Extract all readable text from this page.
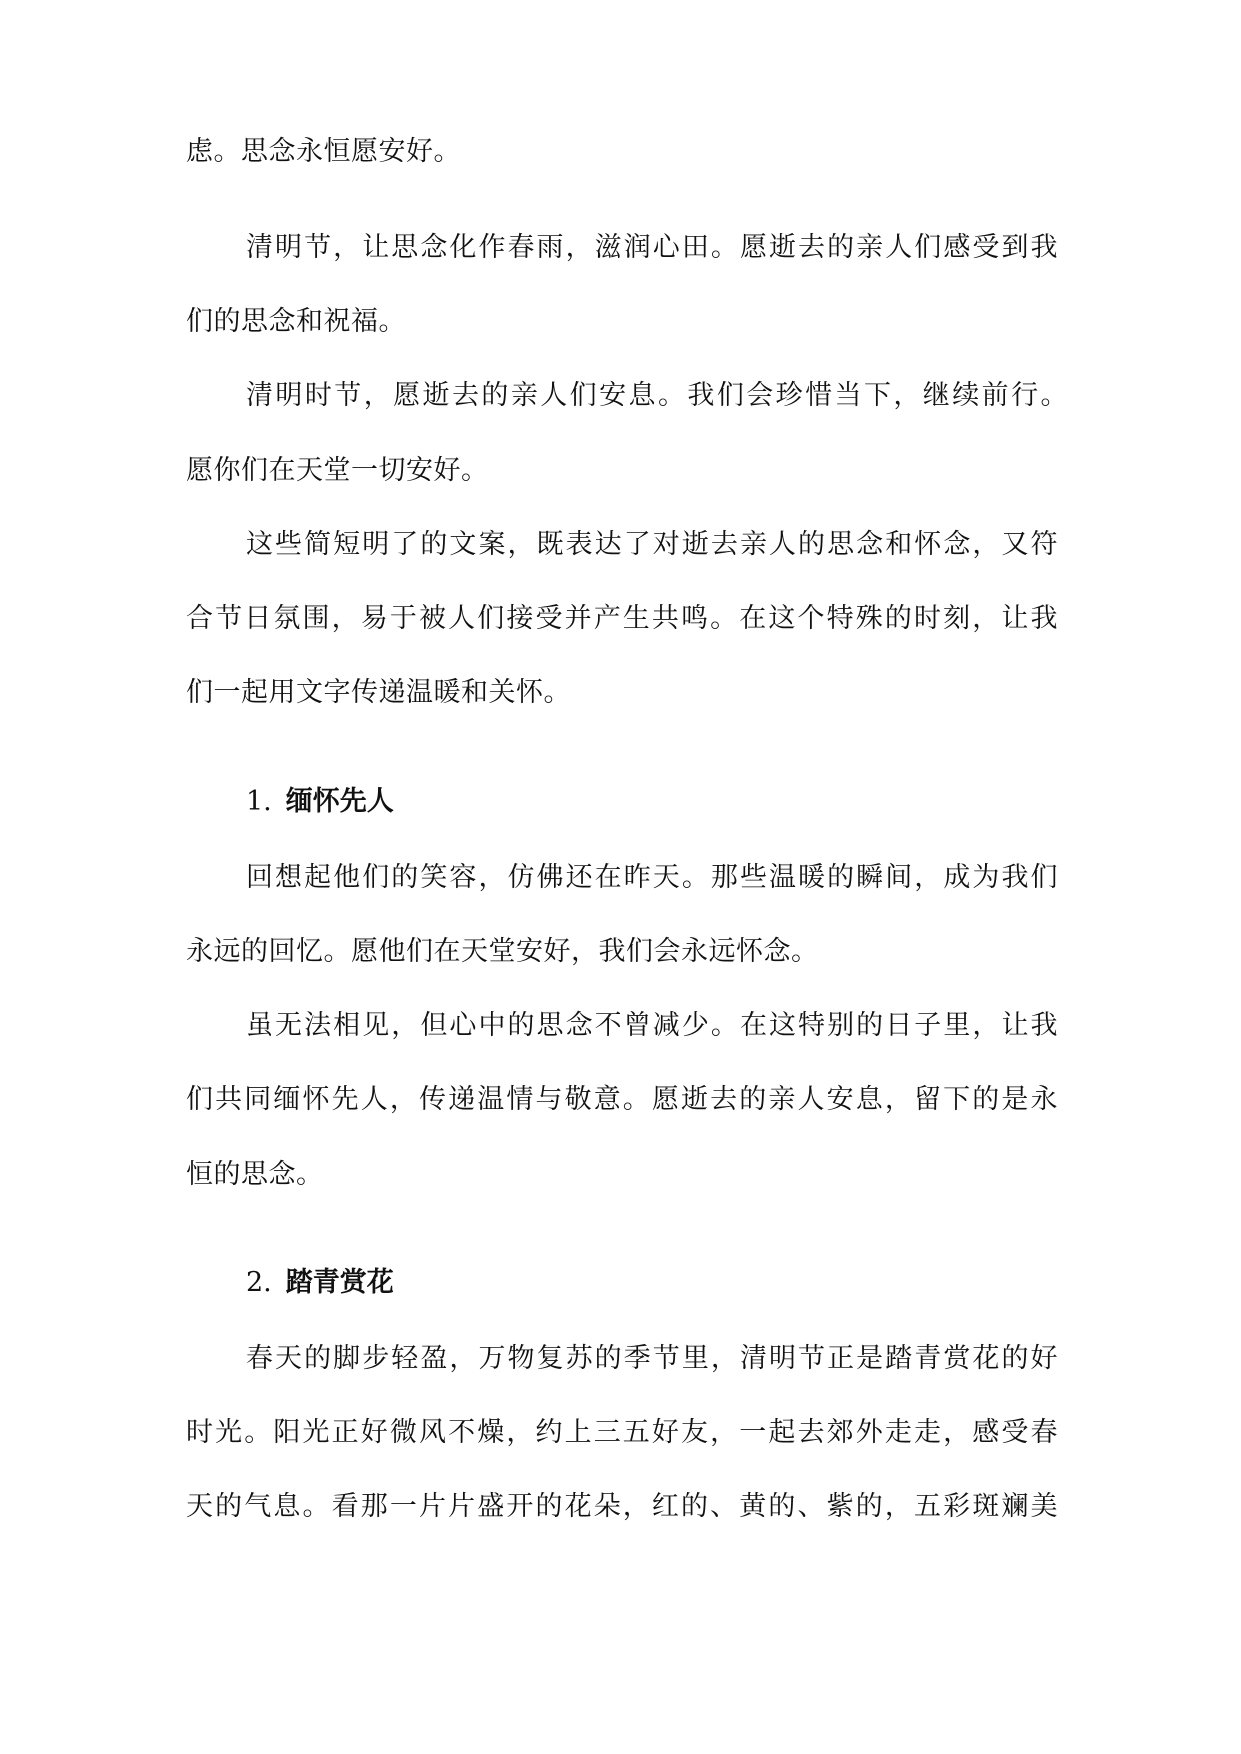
虑。思念永恒愿安好。
清明节，让思念化作春雨，滋润心田。愿逝去的亲人们感受到我
们的思念和祝福。
清明时节，愿逝去的亲人们安息。我们会珍惜当下，继续前行。
愿你们在天堂一切安好。
这些简短明了的文案，既表达了对逝去亲人的思念和怀念，又符
合节日氛围，易于被人们接受并产生共鸣。在这个特殊的时刻，让我
们一起用文字传递温暖和关怀。
1. 缅怀先人
回想起他们的笑容，仿佛还在昨天。那些温暖的瞬间，成为我们
永远的回忆。愿他们在天堂安好，我们会永远怀念。
虽无法相见，但心中的思念不曾减少。在这特别的日子里，让我
们共同缅怀先人，传递温情与敬意。愿逝去的亲人安息，留下的是永
恒的思念。
2. 踏青赏花
春天的脚步轻盈，万物复苏的季节里，清明节正是踏青赏花的好
时光。阳光正好微风不燥，约上三五好友，一起去郊外走走，感受春
天的气息。看那一片片盛开的花朵，红的、黄的、紫的，五彩斑斓美
